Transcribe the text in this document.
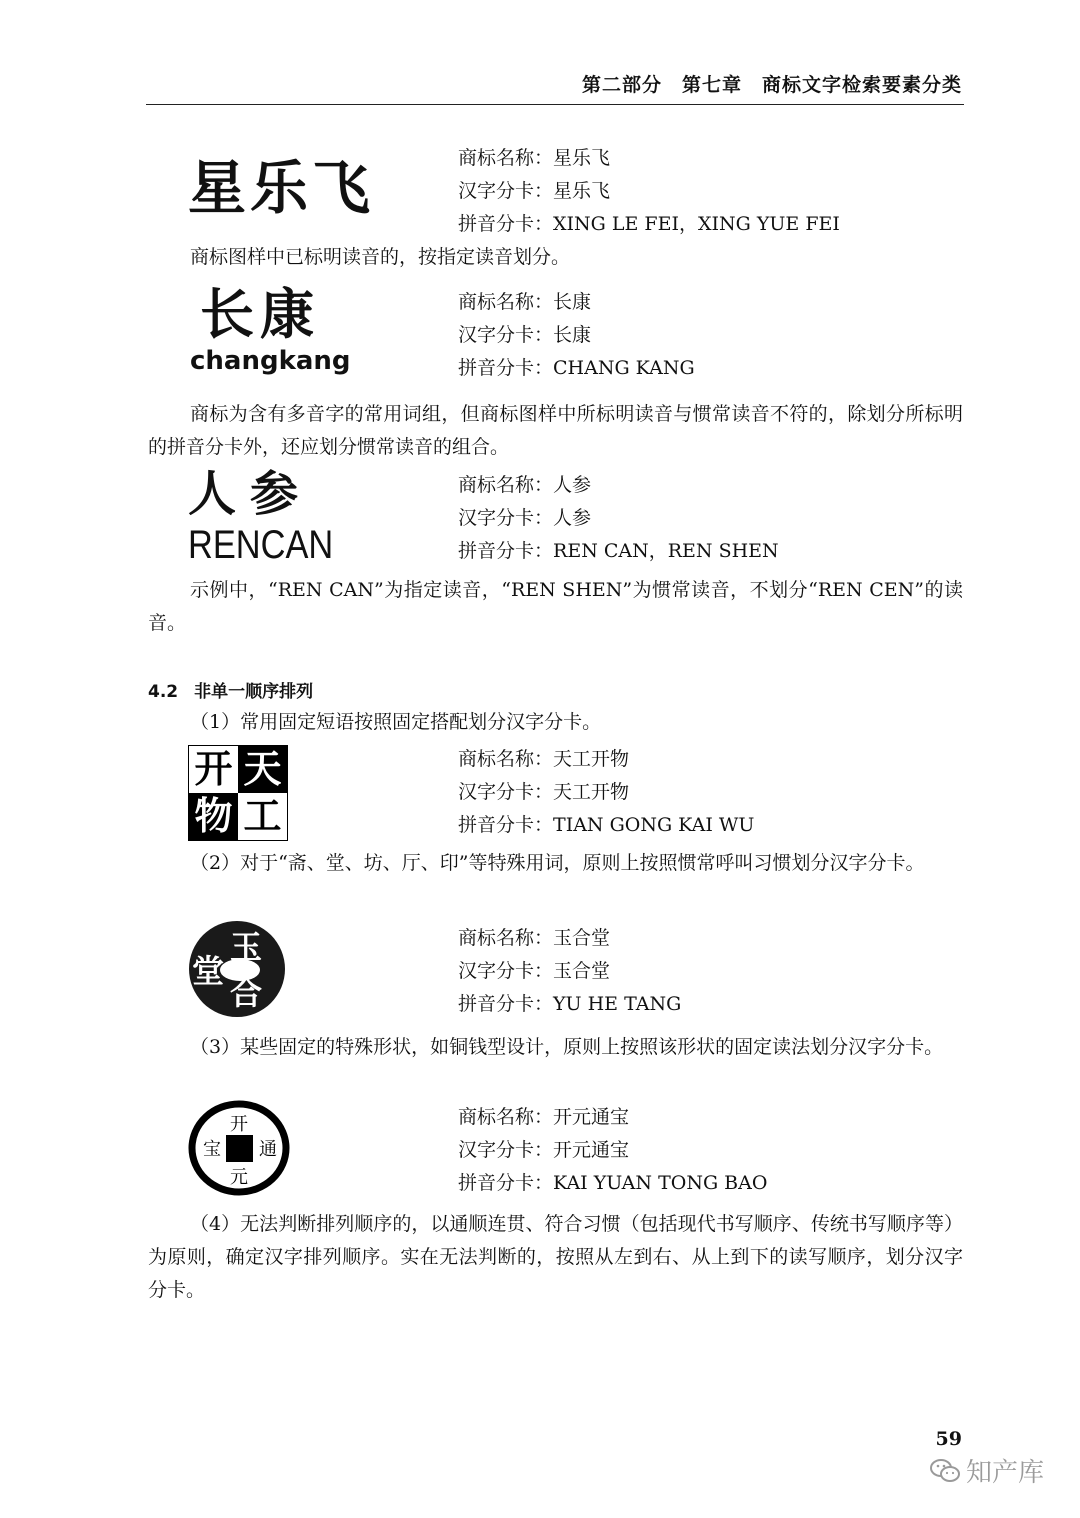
第二部分　第七章　商标文字检索要素分类
星乐飞	商标名称：星乐飞
汉字分卡：星乐飞
拼音分卡：XING LE FEI，XING YUE FEI
商标图样中已标明读音的，按指定读音划分。
长康
changkang
商标名称：长康
汉字分卡：长康
拼音分卡：CHANG KANG
商标为含有多音字的常用词组，但商标图样中所标明读音与惯常读音不符的，除划分所标明的拼音分卡外，还应划分惯常读音的组合。
人参
RENCAN
商标名称：人参
汉字分卡：人参
拼音分卡：REN CAN，REN SHEN
示例中，“REN CAN”为指定读音，“REN SHEN”为惯常读音，不划分“REN CEN”的读音。
4.2 非单一顺序排列
（1）常用固定短语按照固定搭配划分汉字分卡。
开 天
物 工
商标名称：天工开物
汉字分卡：天工开物
拼音分卡：TIAN GONG KAI WU
（2）对于“斋、堂、坊、厅、印”等特殊用词，原则上按照惯常呼叫习惯划分汉字分卡。
玉
合
堂
商标名称：玉合堂
汉字分卡：玉合堂
拼音分卡：YU HE TANG
（3）某些固定的特殊形状，如铜钱型设计，原则上按照该形状的固定读法划分汉字分卡。
开
元
通
宝
商标名称：开元通宝
汉字分卡：开元通宝
拼音分卡：KAI YUAN TONG BAO
（4）无法判断排列顺序的，以通顺连贯、符合习惯（包括现代书写顺序、传统书写顺序等）为原则，确定汉字排列顺序。实在无法判断的，按照从左到右、从上到下的读写顺序，划分汉字分卡。
59
知产库
